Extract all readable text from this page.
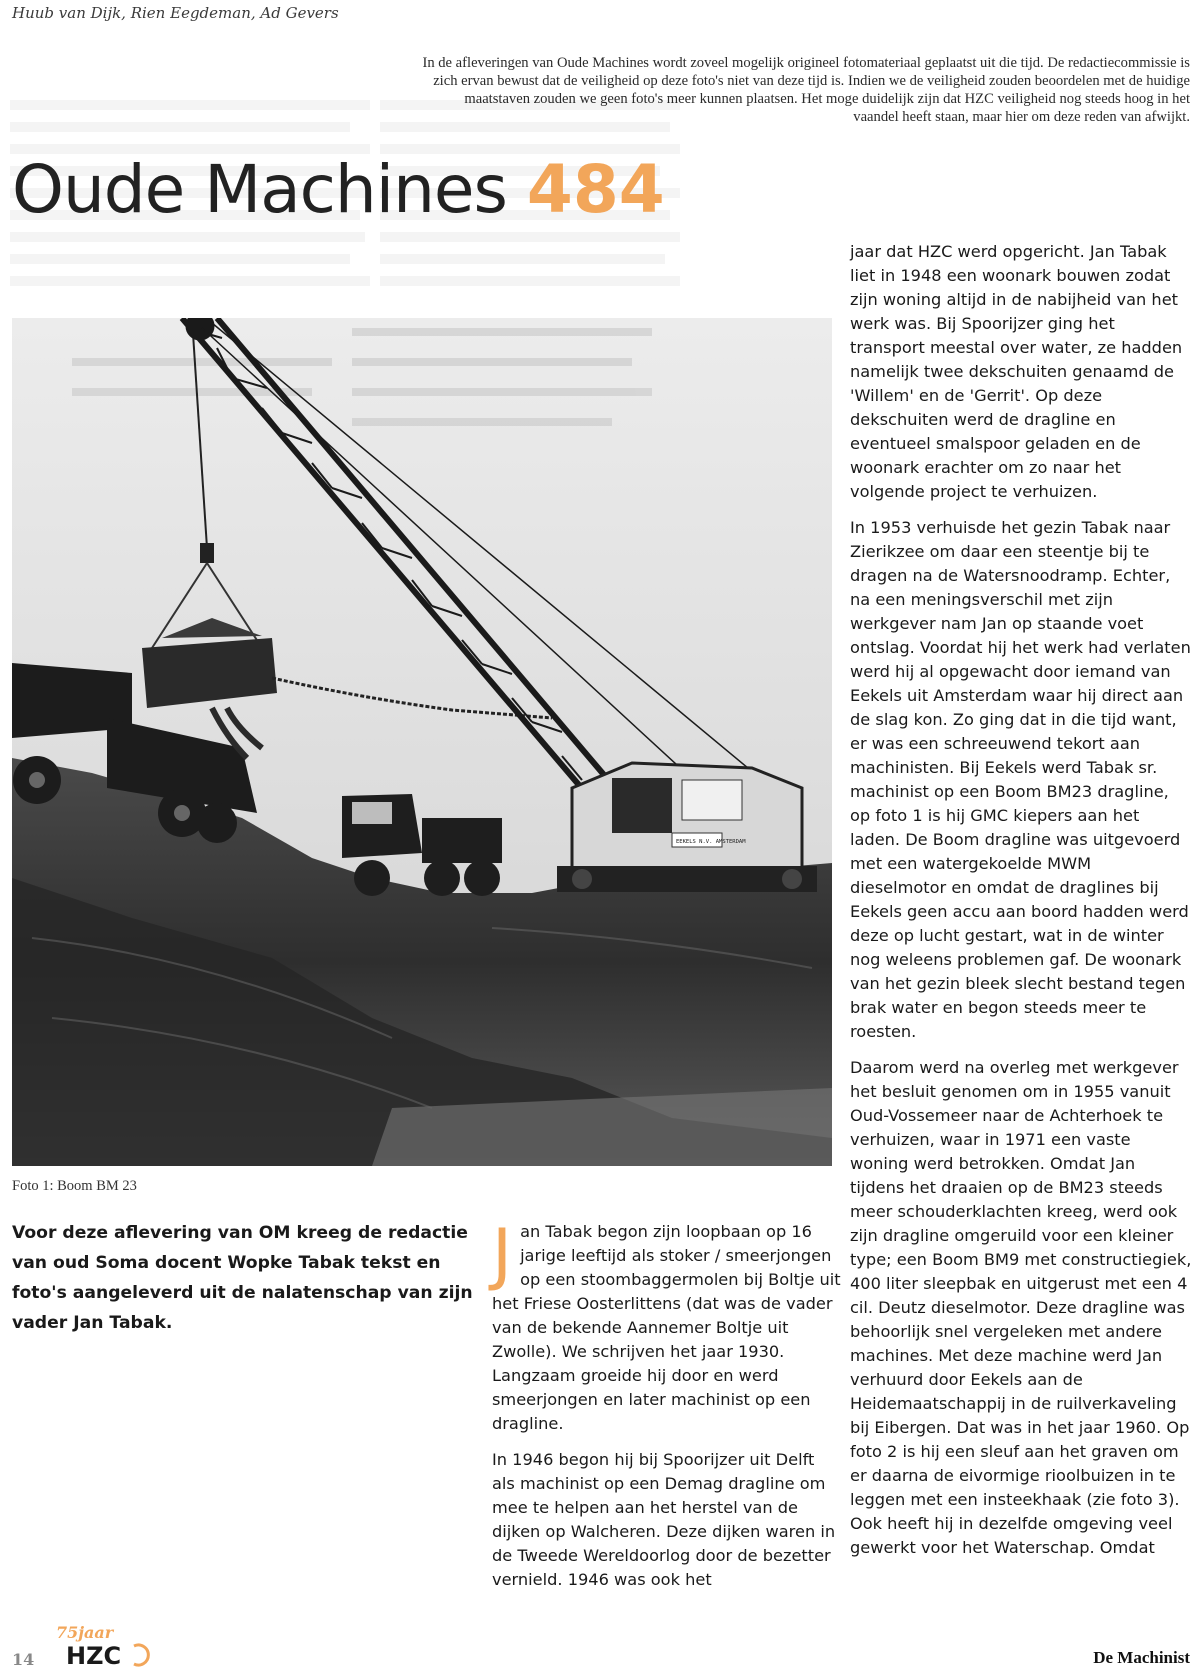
Huub van Dijk, Rien Eegdeman, Ad Gevers
In de afleveringen van Oude Machines wordt zoveel mogelijk origineel fotomateriaal geplaatst uit die tijd. De redactiecommissie is zich ervan bewust dat de veiligheid op deze foto's niet van deze tijd is. Indien we de veiligheid zouden beoordelen met de huidige maatstaven zouden we geen foto's meer kunnen plaatsen. Het moge duidelijk zijn dat HZC veiligheid nog steeds hoog in het vaandel heeft staan, maar hier om deze reden van afwijkt.
Oude Machines 484
EEKELS N.V. AMSTERDAM
Foto 1: Boom BM 23
Voor deze aflevering van OM kreeg de redactie van oud Soma docent Wopke Tabak tekst en foto's aangeleverd uit de nalatenschap van zijn vader Jan Tabak.

Jan Tabak begon zijn loopbaan op 16 jarige leeftijd als stoker / smeerjongen op een stoombaggermolen bij Boltje uit het Friese Oosterlittens (dat was de vader van de bekende Aannemer Boltje uit Zwolle). We schrijven het jaar 1930. Langzaam groeide hij door en werd smeerjongen en later machinist op een dragline.

In 1946 begon hij bij Spoorijzer uit Delft als machinist op een Demag dragline om mee te helpen aan het herstel van de dijken op Walcheren. Deze dijken waren in de Tweede Wereldoorlog door de bezetter vernield. 1946 was ook het

jaar dat HZC werd opgericht. Jan Tabak liet in 1948 een woonark bouwen zodat zijn woning altijd in de nabijheid van het werk was. Bij Spoorijzer ging het transport meestal over water, ze hadden namelijk twee dekschuiten genaamd de 'Willem' en de 'Gerrit'. Op deze dekschuiten werd de dragline en eventueel smalspoor geladen en de woonark erachter om zo naar het volgende project te verhuizen.

In 1953 verhuisde het gezin Tabak naar Zierikzee om daar een steentje bij te dragen na de Watersnoodramp. Echter, na een meningsverschil met zijn werkgever nam Jan op staande voet ontslag. Voordat hij het werk had verlaten werd hij al opgewacht door iemand van Eekels uit Amsterdam waar hij direct aan de slag kon. Zo ging dat in die tijd want, er was een schreeuwend tekort aan machinisten. Bij Eekels werd Tabak sr. machinist op een Boom BM23 dragline, op foto 1 is hij GMC kiepers aan het laden. De Boom dragline was uitgevoerd met een watergekoelde MWM dieselmotor en omdat de draglines bij Eekels geen accu aan boord hadden werd deze op lucht gestart, wat in de winter nog weleens problemen gaf. De woonark van het gezin bleek slecht bestand tegen brak water en begon steeds meer te roesten.

Daarom werd na overleg met werkgever het besluit genomen om in 1955 vanuit Oud-Vossemeer naar de Achterhoek te verhuizen, waar in 1971 een vaste woning werd betrokken. Omdat Jan tijdens het draaien op de BM23 steeds meer schouderklachten kreeg, werd ook zijn dragline omgeruild voor een kleiner type; een Boom BM9 met constructiegiek, 400 liter sleepbak en uitgerust met een 4 cil. Deutz dieselmotor. Deze dragline was behoorlijk snel vergeleken met andere machines. Met deze machine werd Jan verhuurd door Eekels aan de Heidemaatschappij in de ruilverkaveling bij Eibergen. Dat was in het jaar 1960. Op foto 2 is hij een sleuf aan het graven om er daarna de eivormige rioolbuizen in te leggen met een insteekhaak (zie foto 3).

Ook heeft hij in dezelfde omgeving veel gewerkt voor het Waterschap. Omdat

14
75jaar
HZC	De Machinist
